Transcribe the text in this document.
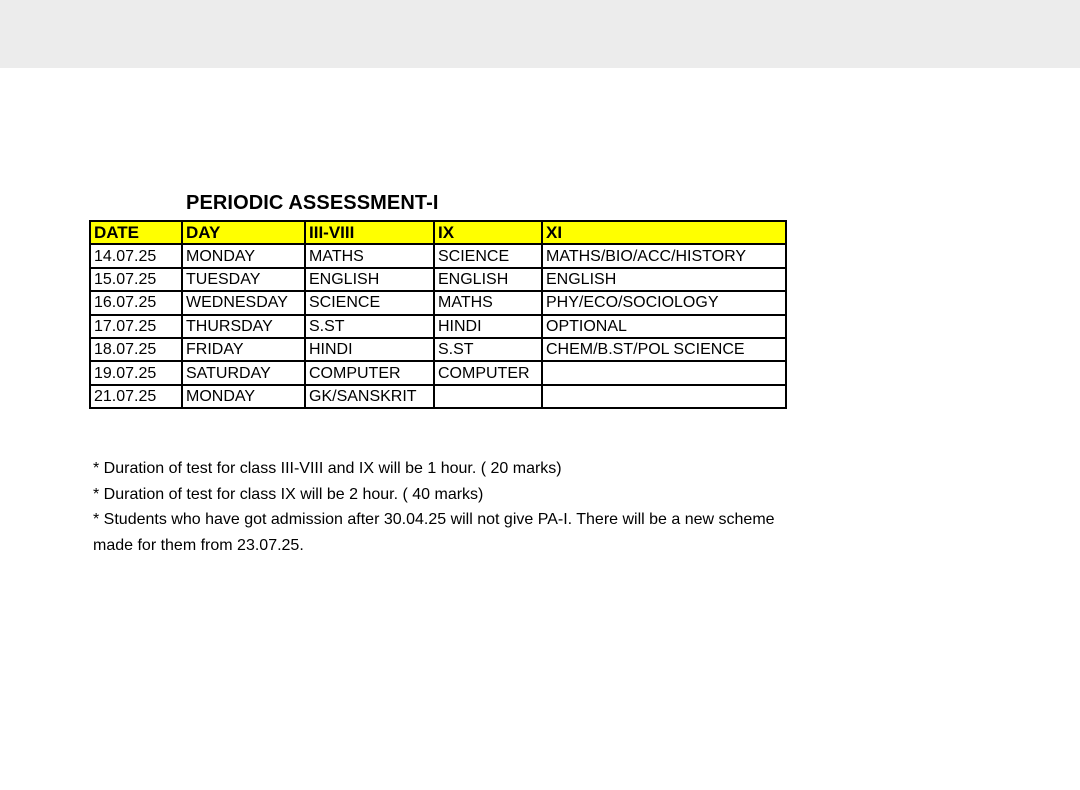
PERIODIC ASSESSMENT-I
DATE	DAY	III-VIII	IX	XI
14.07.25	MONDAY	MATHS	SCIENCE	MATHS/BIO/ACC/HISTORY
15.07.25	TUESDAY	ENGLISH	ENGLISH	ENGLISH
16.07.25	WEDNESDAY	SCIENCE	MATHS	PHY/ECO/SOCIOLOGY
17.07.25	THURSDAY	S.ST	HINDI	OPTIONAL
18.07.25	FRIDAY	HINDI	S.ST	CHEM/B.ST/POL SCIENCE
19.07.25	SATURDAY	COMPUTER	COMPUTER	
21.07.25	MONDAY	GK/SANSKRIT		
* Duration of test for class III-VIII and IX will be 1 hour. ( 20 marks)
* Duration of test for class IX will be 2 hour. ( 40 marks)
* Students who have got admission after 30.04.25 will not give PA-I. There will be a new scheme
made for them from 23.07.25.
